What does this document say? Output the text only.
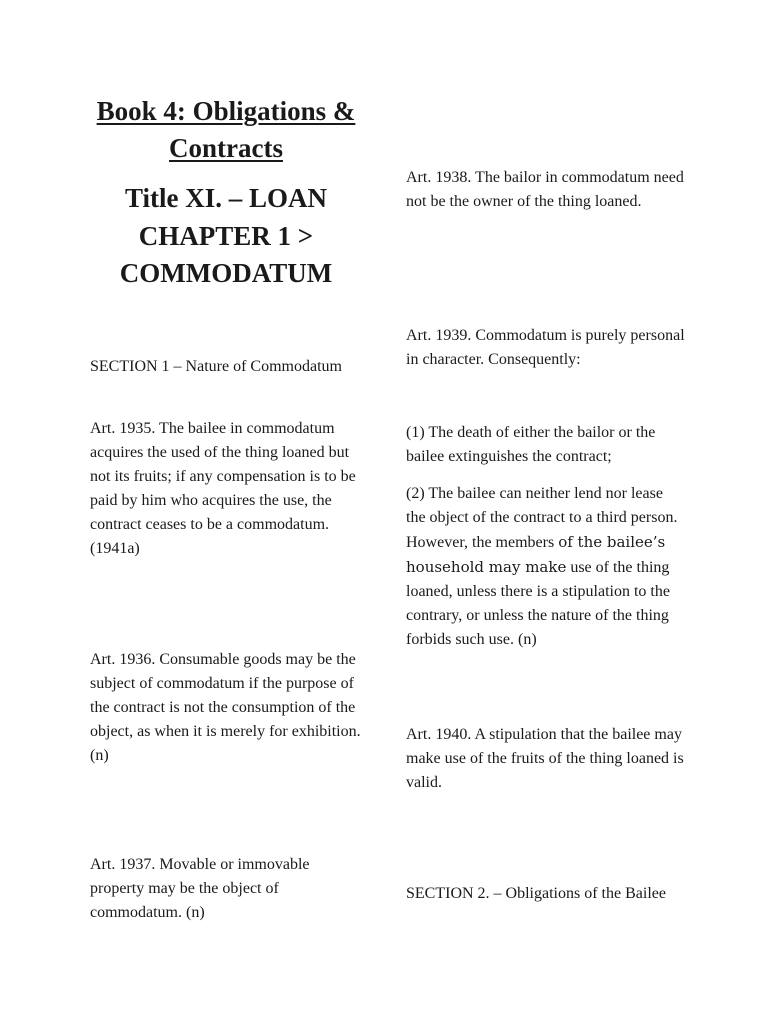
Book 4: Obligations & Contracts
Title XI. – LOAN
CHAPTER 1 >
COMMODATUM

SECTION 1 – Nature of Commodatum

Art. 1935. The bailee in commodatum acquires the used of the thing loaned but not its fruits; if any compensation is to be paid by him who acquires the use, the contract ceases to be a commodatum. (1941a)

Art. 1936. Consumable goods may be the subject of commodatum if the purpose of the contract is not the consumption of the object, as when it is merely for exhibition. (n)

Art. 1937. Movable or immovable property may be the object of commodatum. (n)

Art. 1938. The bailor in commodatum need not be the owner of the thing loaned.

Art. 1939. Commodatum is purely personal in character. Consequently:

(1) The death of either the bailor or the bailee extinguishes the contract;

(2) The bailee can neither lend nor lease the object of the contract to a third person. However, the members of the bailee’s household may make use of the thing loaned, unless there is a stipulation to the contrary, or unless the nature of the thing forbids such use. (n)

Art. 1940. A stipulation that the bailee may make use of the fruits of the thing loaned is valid.

SECTION 2. – Obligations of the Bailee
